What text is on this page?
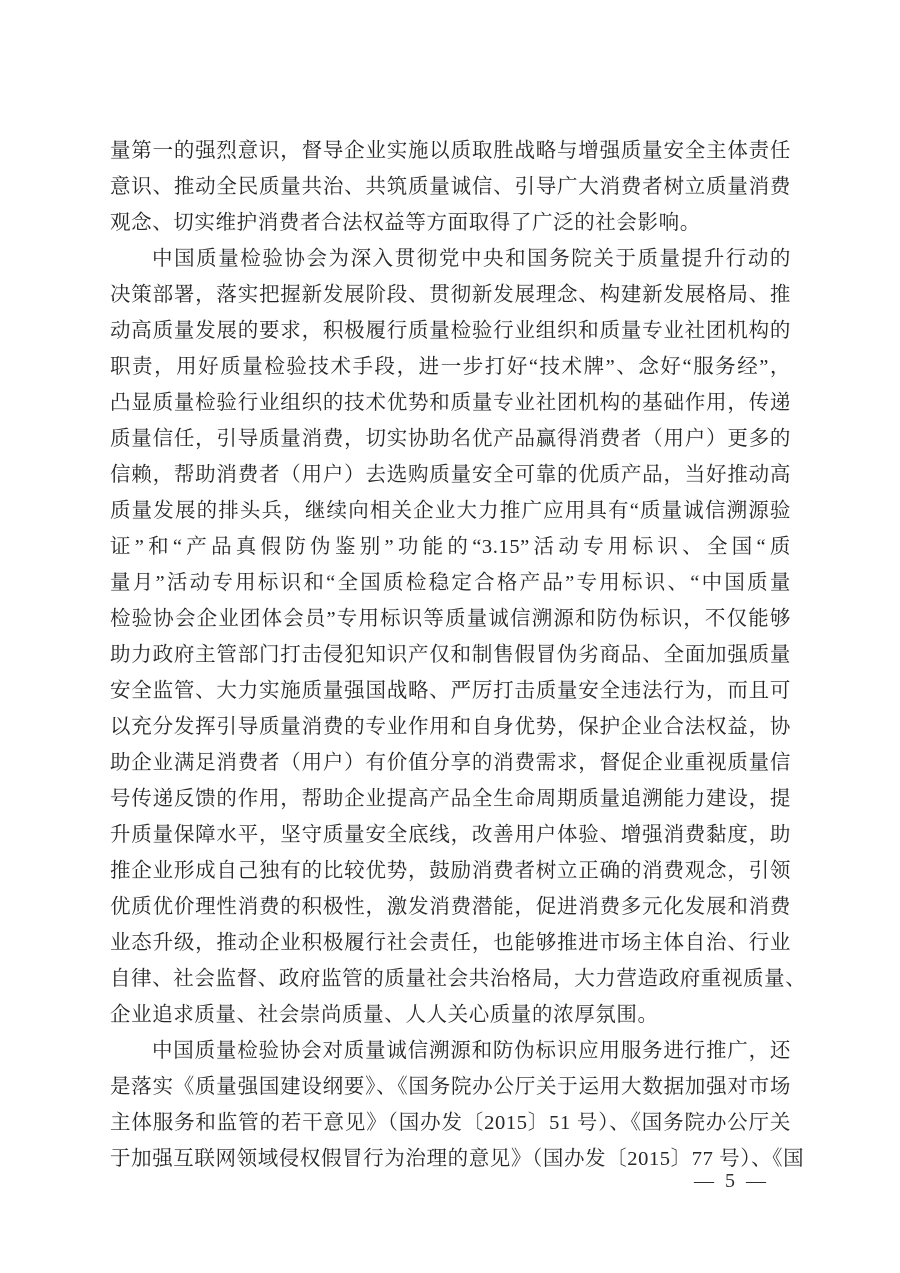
量第一的强烈意识，督导企业实施以质取胜战略与增强质量安全主体责任
意识、推动全民质量共治、共筑质量诚信、引导广大消费者树立质量消费
观念、切实维护消费者合法权益等方面取得了广泛的社会影响。
中国质量检验协会为深入贯彻党中央和国务院关于质量提升行动的
决策部署，落实把握新发展阶段、贯彻新发展理念、构建新发展格局、推
动高质量发展的要求，积极履行质量检验行业组织和质量专业社团机构的
职责，用好质量检验技术手段，进一步打好“技术牌”、念好“服务经”，
凸显质量检验行业组织的技术优势和质量专业社团机构的基础作用，传递
质量信任，引导质量消费，切实协助名优产品赢得消费者（用户）更多的
信赖，帮助消费者（用户）去选购质量安全可靠的优质产品，当好推动高
质量发展的排头兵，继续向相关企业大力推广应用具有“质量诚信溯源验
证”和“产品真假防伪鉴别”功能的“3.15”活动专用标识、全国“质
量月”活动专用标识和“全国质检稳定合格产品”专用标识、“中国质量
检验协会企业团体会员”专用标识等质量诚信溯源和防伪标识，不仅能够
助力政府主管部门打击侵犯知识产仅和制售假冒伪劣商品、全面加强质量
安全监管、大力实施质量强国战略、严厉打击质量安全违法行为，而且可
以充分发挥引导质量消费的专业作用和自身优势，保护企业合法权益，协
助企业满足消费者（用户）有价值分享的消费需求，督促企业重视质量信
号传递反馈的作用，帮助企业提高产品全生命周期质量追溯能力建设，提
升质量保障水平，坚守质量安全底线，改善用户体验、增强消费黏度，助
推企业形成自己独有的比较优势，鼓励消费者树立正确的消费观念，引领
优质优价理性消费的积极性，激发消费潜能，促进消费多元化发展和消费
业态升级，推动企业积极履行社会责任，也能够推进市场主体自治、行业
自律、社会监督、政府监管的质量社会共治格局，大力营造政府重视质量、
企业追求质量、社会崇尚质量、人人关心质量的浓厚氛围。
中国质量检验协会对质量诚信溯源和防伪标识应用服务进行推广，还
是落实《质量强国建设纲要》、《国务院办公厅关于运用大数据加强对市场
主体服务和监管的若干意见》（国办发〔2015〕51 号）、《国务院办公厅关
于加强互联网领域侵权假冒行为治理的意见》（国办发〔2015〕77 号）、《国
— 5 —
